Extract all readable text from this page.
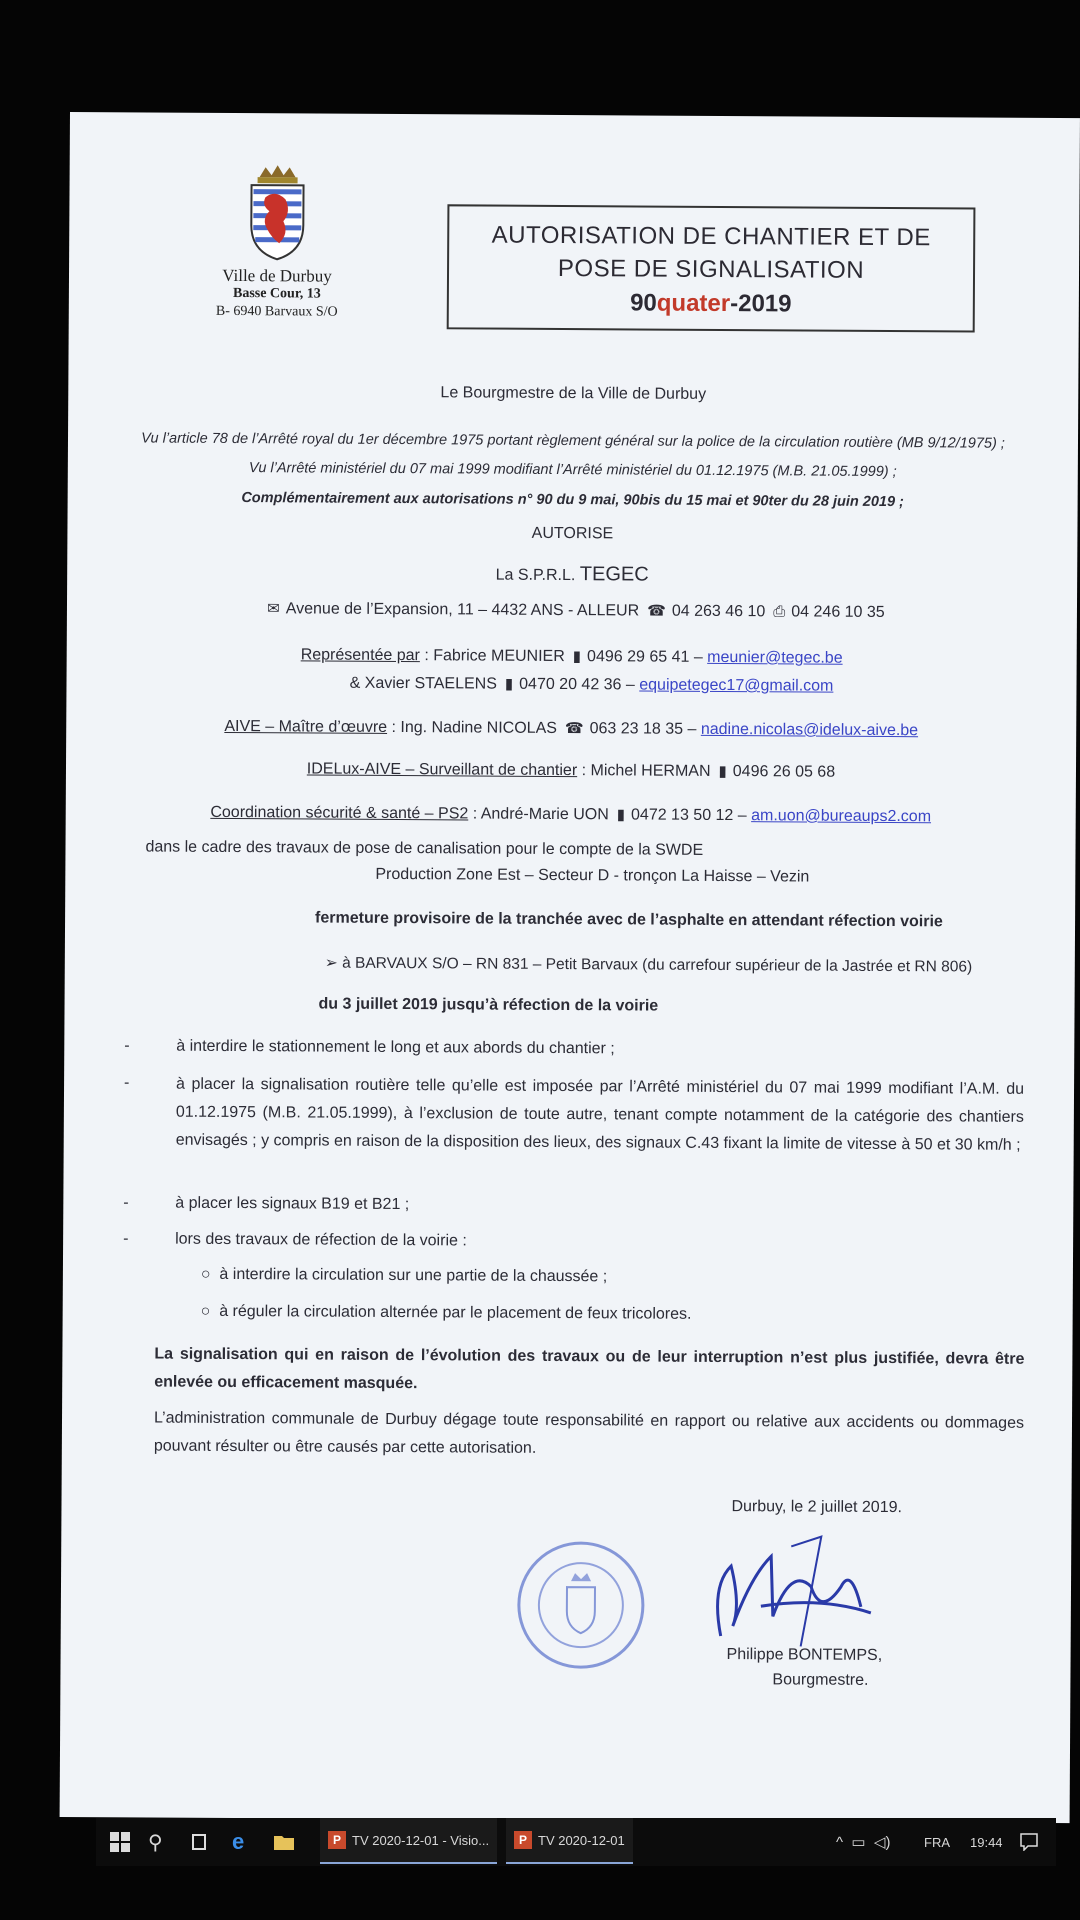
Ville de Durbuy
Basse Cour, 13
B- 6940 Barvaux S/O
AUTORISATION DE CHANTIER ET DE
POSE DE SIGNALISATION
90quater-2019
Le Bourgmestre de la Ville de Durbuy
Vu l’article 78 de l’Arrêté royal du 1er décembre 1975 portant règlement général sur la police de la circulation routière (MB 9/12/1975) ;
Vu l’Arrêté ministériel du 07 mai 1999 modifiant l’Arrêté ministériel du 01.12.1975 (M.B. 21.05.1999) ;
Complémentairement aux autorisations n° 90 du 9 mai, 90bis du 15 mai et 90ter du 28 juin 2019 ;
AUTORISE
La S.P.R.L. TEGEC
✉ Avenue de l’Expansion, 11 – 4432 ANS - ALLEUR ☎ 04 263 46 10 ⎙ 04 246 10 35
Représentée par : Fabrice MEUNIER ▮ 0496 29 65 41 – meunier@tegec.be
& Xavier STAELENS ▮ 0470 20 42 36 – equipetegec17@gmail.com
AIVE – Maître d’œuvre : Ing. Nadine NICOLAS ☎ 063 23 18 35 – nadine.nicolas@idelux-aive.be
IDELux-AIVE – Surveillant de chantier : Michel HERMAN ▮ 0496 26 05 68
Coordination sécurité & santé – PS2 : André-Marie UON ▮ 0472 13 50 12 – am.uon@bureaups2.com
dans le cadre des travaux de pose de canalisation pour le compte de la SWDE
Production Zone Est – Secteur D - tronçon La Haisse – Vezin
fermeture provisoire de la tranchée avec de l’asphalte en attendant réfection voirie
➢ à BARVAUX S/O – RN 831 – Petit Barvaux (du carrefour supérieur de la Jastrée et RN 806)
du 3 juillet 2019 jusqu’à réfection de la voirie
-	à interdire le stationnement le long et aux abords du chantier ;
-	à placer la signalisation routière telle qu’elle est imposée par l’Arrêté ministériel du 07 mai 1999 modifiant l’A.M. du 01.12.1975 (M.B. 21.05.1999), à l’exclusion de toute autre, tenant compte notamment de la catégorie des chantiers envisagés ; y compris en raison de la disposition des lieux, des signaux C.43 fixant la limite de vitesse à 50 et 30 km/h ;
-	à placer les signaux B19 et B21 ;
-	lors des travaux de réfection de la voirie :
○  à interdire la circulation sur une partie de la chaussée ;
○  à réguler la circulation alternée par le placement de feux tricolores.
La signalisation qui en raison de l’évolution des travaux ou de leur interruption n’est plus justifiée, devra être enlevée ou efficacement masquée.
L’administration communale de Durbuy dégage toute responsabilité en rapport ou relative aux accidents ou dommages pouvant résulter ou être causés par cette autorisation.
Durbuy, le 2 juillet 2019.
Philippe BONTEMPS,
Bourgmestre.
⚲	e	P TV 2020-12-01 - Visio...	P TV 2020-12-01	^
▭
◁)	FRA 19:44
